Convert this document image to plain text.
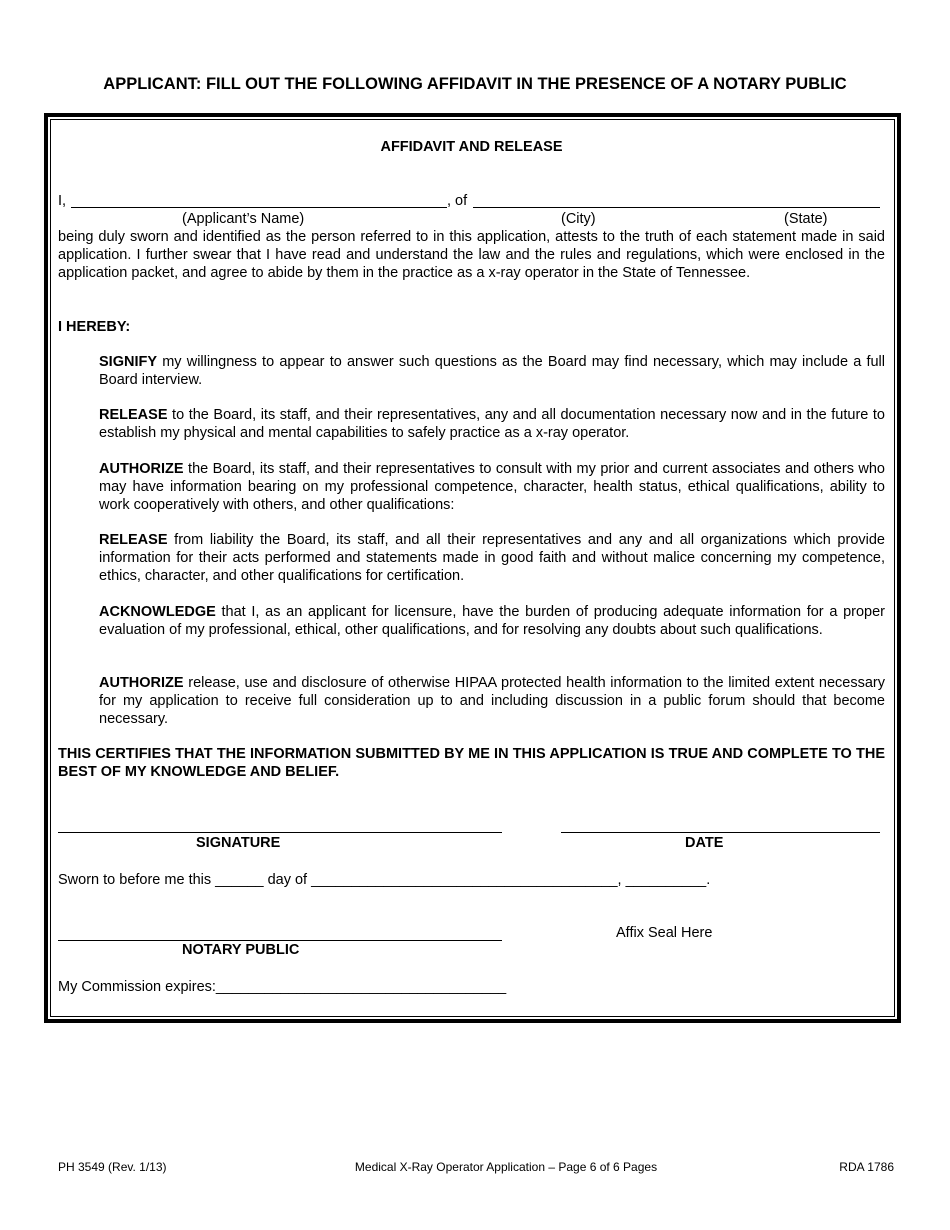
APPLICANT: FILL OUT THE FOLLOWING AFFIDAVIT IN THE PRESENCE OF A NOTARY PUBLIC
AFFIDAVIT AND RELEASE
I,	, of
(Applicant’s Name)	(City)	(State)

being duly sworn and identified as the person referred to in this application, attests to the truth of each statement made in said application. I further swear that I have read and understand the law and the rules and regulations, which were enclosed in the application packet, and agree to abide by them in the practice as a x-ray operator in the State of Tennessee.

I HEREBY:

SIGNIFY my willingness to appear to answer such questions as the Board may find necessary, which may include a full Board interview.

RELEASE to the Board, its staff, and their representatives, any and all documentation necessary now and in the future to establish my physical and mental capabilities to safely practice as a x-ray operator.

AUTHORIZE the Board, its staff, and their representatives to consult with my prior and current associates and others who may have information bearing on my professional competence, character, health status, ethical qualifications, ability to work cooperatively with others, and other qualifications:

RELEASE from liability the Board, its staff, and all their representatives and any and all organizations which provide information for their acts performed and statements made in good faith and without malice concerning my competence, ethics, character, and other qualifications for certification.

ACKNOWLEDGE that I, as an applicant for licensure, have the burden of producing adequate information for a proper evaluation of my professional, ethical, other qualifications, and for resolving any doubts about such qualifications.

AUTHORIZE release, use and disclosure of otherwise HIPAA protected health information to the limited extent necessary for my application to receive full consideration up to and including discussion in a public forum should that become necessary.

THIS CERTIFIES THAT THE INFORMATION SUBMITTED BY ME IN THIS APPLICATION IS TRUE AND COMPLETE TO THE BEST OF MY KNOWLEDGE AND BELIEF.

SIGNATURE	DATE

Sworn to before me this ______ day of ______________________________________, __________.

Affix Seal Here
NOTARY PUBLIC

My Commission expires:____________________________________

PH 3549 (Rev. 1/13)	Medical X-Ray Operator Application – Page 6 of 6 Pages	RDA 1786
